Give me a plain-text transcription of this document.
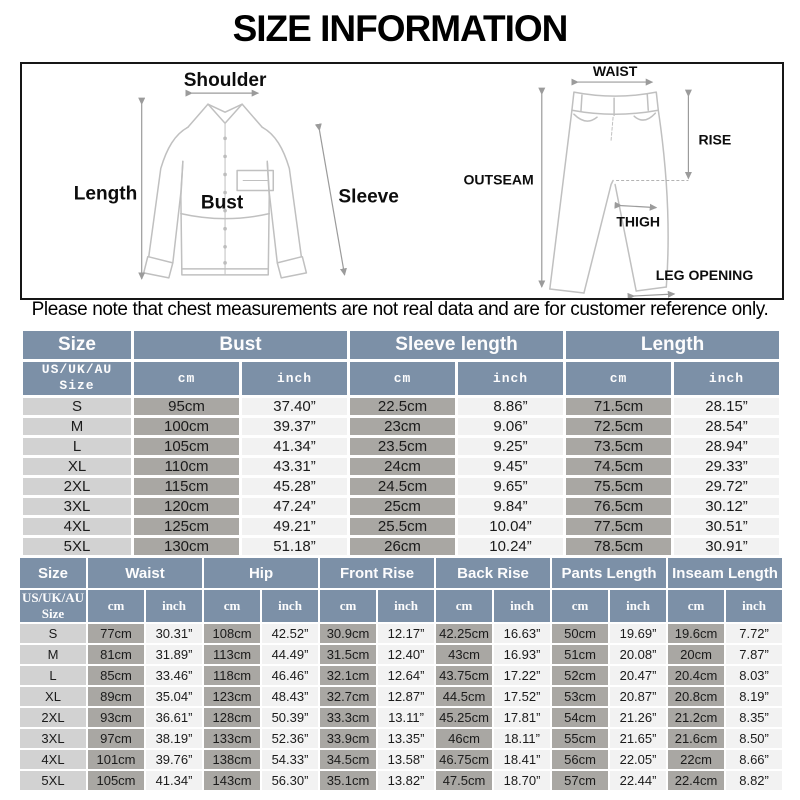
SIZE INFORMATION
Shoulder
Length	Bust	Sleeve
WAIST
RISE
OUTSEAM
THIGH
LEG OPENING
Please note that chest measurements are not real data and are for customer reference only.
Size	Bust		Sleeve length		Length	
US/UK/AU Size	cm	inch	cm	inch	cm	inch
S	95cm	37.40”	22.5cm	8.86”	71.5cm	28.15”
M	100cm	39.37”	23cm	9.06”	72.5cm	28.54”
L	105cm	41.34”	23.5cm	9.25”	73.5cm	28.94”
XL	110cm	43.31”	24cm	9.45”	74.5cm	29.33”
2XL	115cm	45.28”	24.5cm	9.65”	75.5cm	29.72”
3XL	120cm	47.24”	25cm	9.84”	76.5cm	30.12”
4XL	125cm	49.21”	25.5cm	10.04”	77.5cm	30.51”
5XL	130cm	51.18”	26cm	10.24”	78.5cm	30.91”
Size	Waist		Hip		Front Rise		Back Rise		Pants Length		Inseam Length	
US/UK/AU Size	cm	inch	cm	inch	cm	inch	cm	inch	cm	inch	cm	inch
S	77cm	30.31”	108cm	42.52”	30.9cm	12.17”	42.25cm	16.63”	50cm	19.69”	19.6cm	7.72”
M	81cm	31.89”	113cm	44.49”	31.5cm	12.40”	43cm	16.93”	51cm	20.08”	20cm	7.87”
L	85cm	33.46”	118cm	46.46”	32.1cm	12.64”	43.75cm	17.22”	52cm	20.47”	20.4cm	8.03”
XL	89cm	35.04”	123cm	48.43”	32.7cm	12.87”	44.5cm	17.52”	53cm	20.87”	20.8cm	8.19”
2XL	93cm	36.61”	128cm	50.39”	33.3cm	13.11”	45.25cm	17.81”	54cm	21.26”	21.2cm	8.35”
3XL	97cm	38.19”	133cm	52.36”	33.9cm	13.35”	46cm	18.11”	55cm	21.65”	21.6cm	8.50”
4XL	101cm	39.76”	138cm	54.33”	34.5cm	13.58”	46.75cm	18.41”	56cm	22.05”	22cm	8.66”
5XL	105cm	41.34”	143cm	56.30”	35.1cm	13.82”	47.5cm	18.70”	57cm	22.44”	22.4cm	8.82”
